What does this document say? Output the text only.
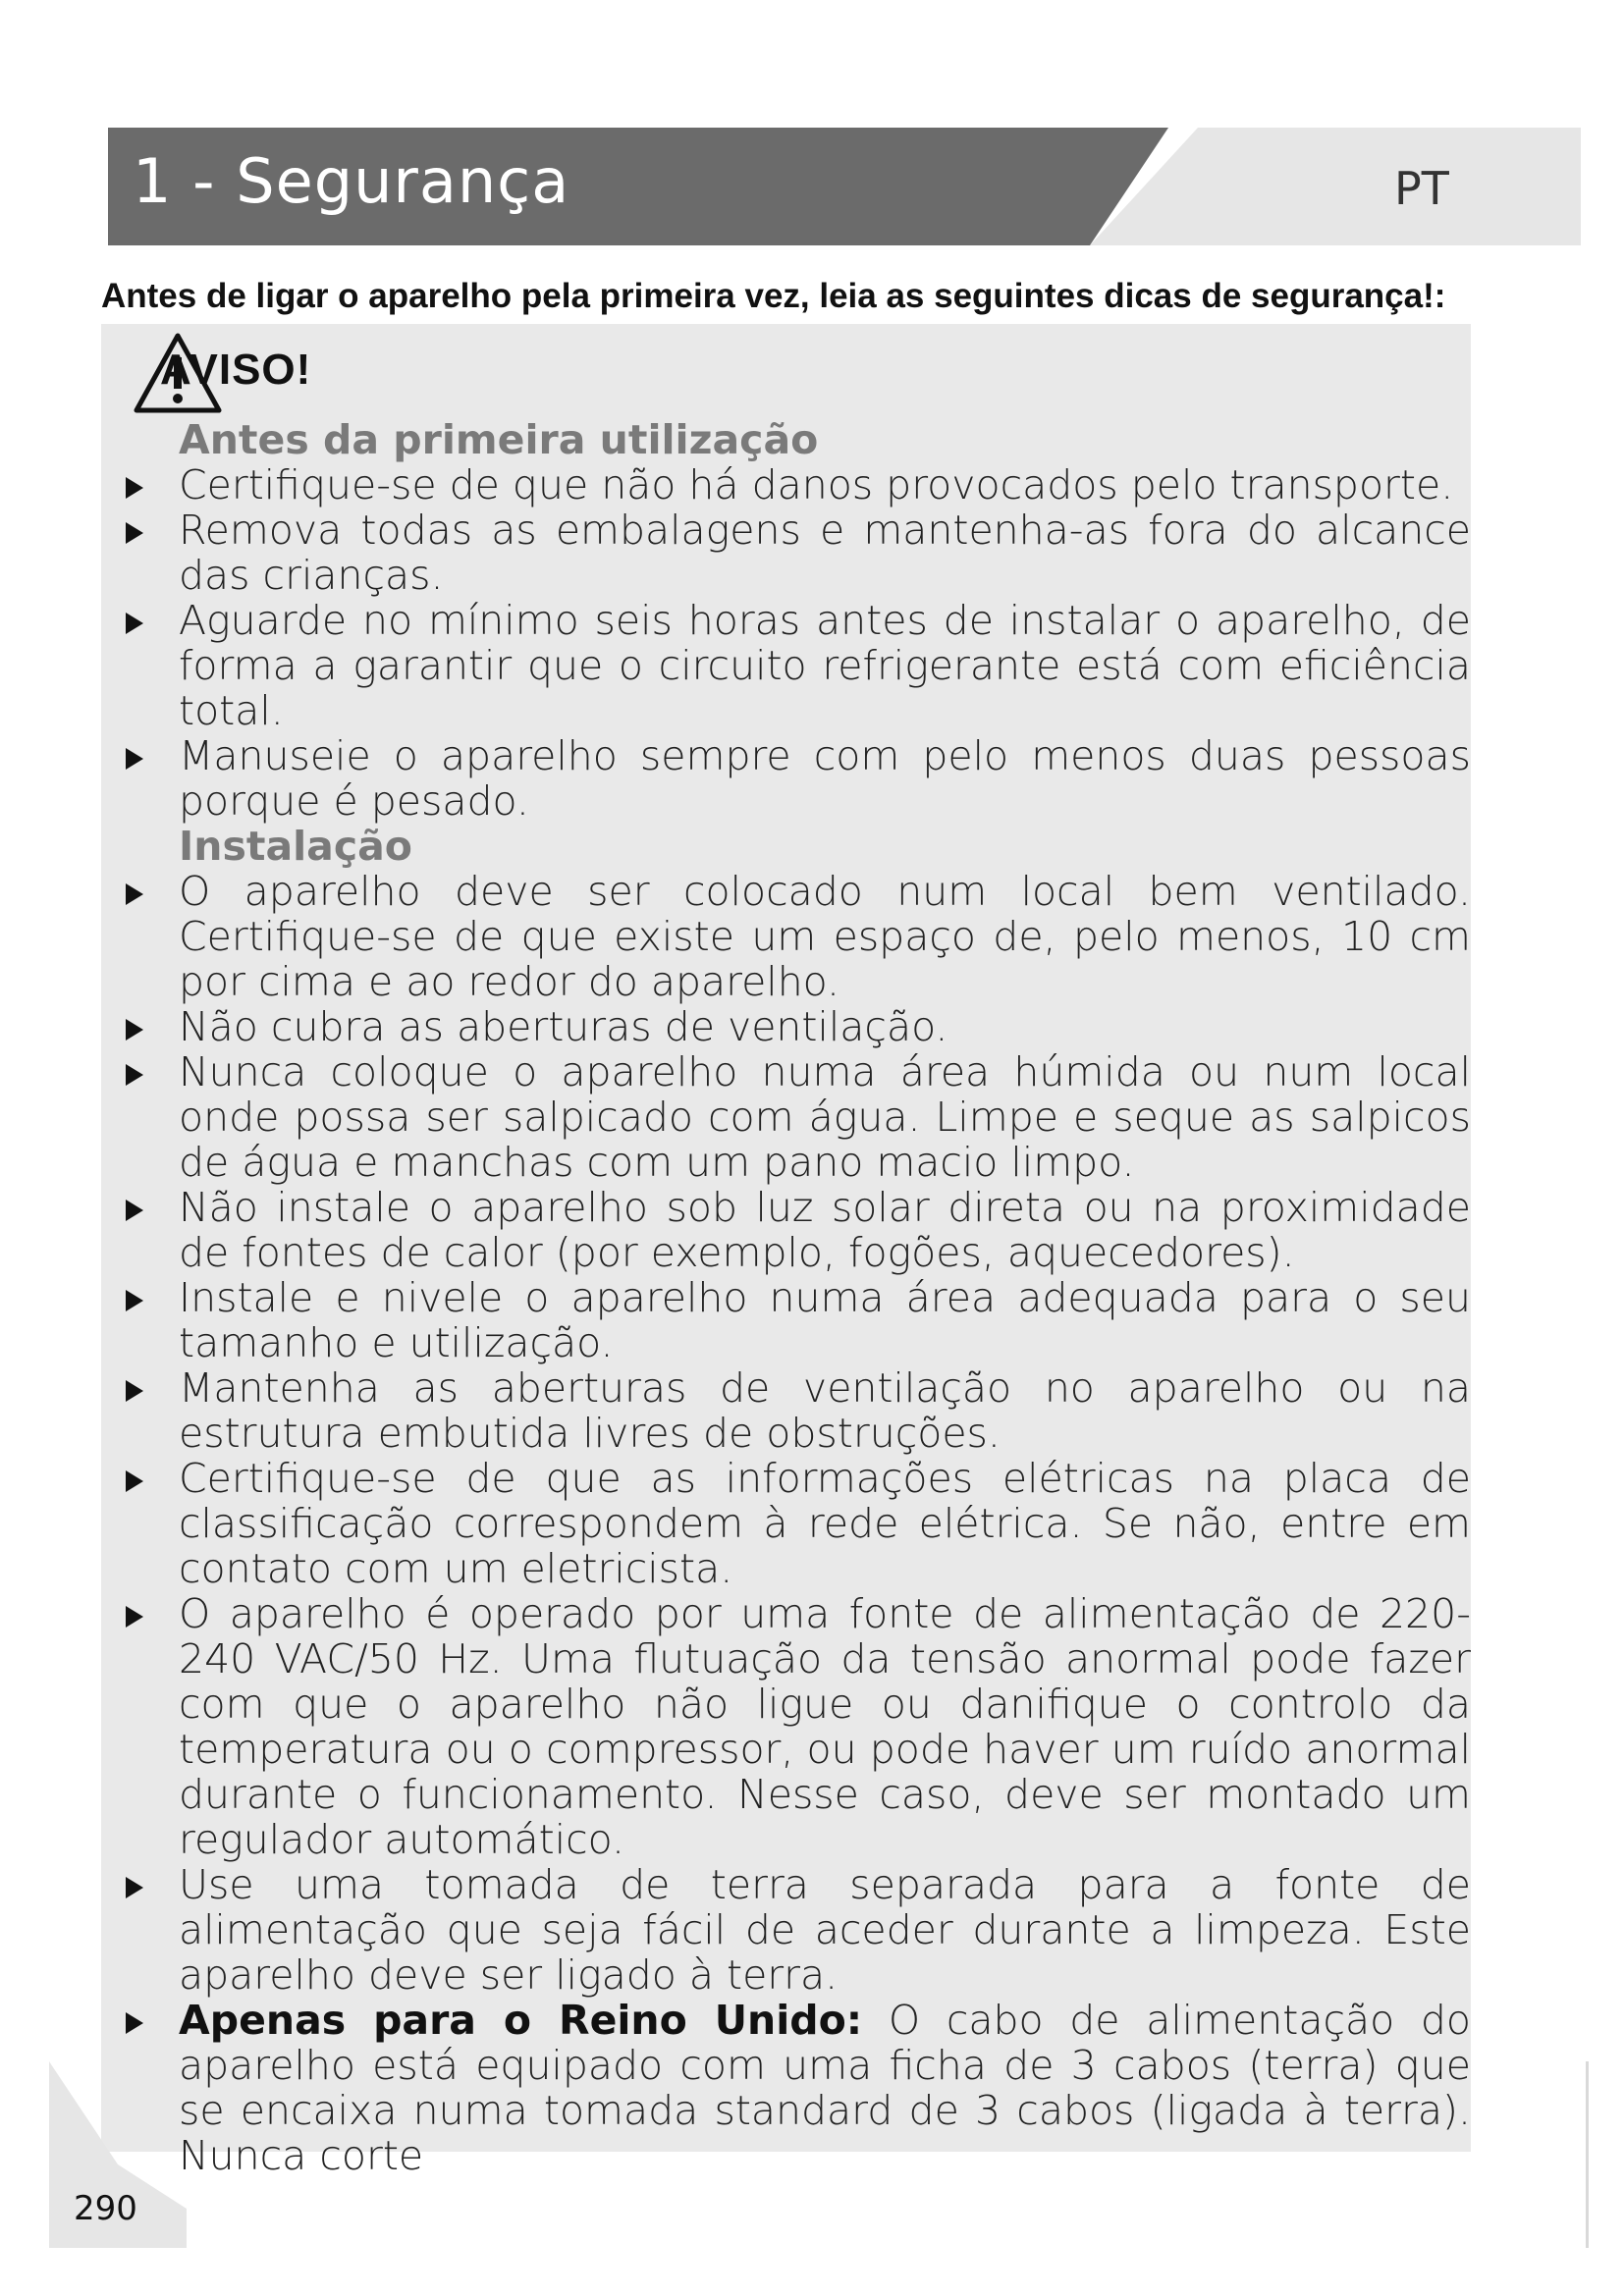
1 - Segurança	PT

Antes de ligar o aparelho pela primeira vez, leia as seguintes dicas de segurança!:

AVISO!

Antes da primeira utilização

Certifique-se de que não há danos provocados pelo transporte.
Remova todas as embalagens e mantenha-as fora do alcance das crianças.
Aguarde no mínimo seis horas antes de instalar o aparelho, de forma a garantir que o circuito refrigerante está com eficiência total.
Manuseie o aparelho sempre com pelo menos duas pessoas porque é pesado.

Instalação

O aparelho deve ser colocado num local bem ventilado. Certifique-se de que existe um espaço de, pelo menos, 10 cm por cima e ao redor do aparelho.
Não cubra as aberturas de ventilação.
Nunca coloque o aparelho numa área húmida ou num local onde possa ser salpicado com água. Limpe e seque as salpicos de água e manchas com um pano macio limpo.
Não instale o aparelho sob luz solar direta ou na proximidade de fontes de calor (por exemplo, fogões, aquecedores).
Instale e nivele o aparelho numa área adequada para o seu tamanho e utilização.
Mantenha as aberturas de ventilação no aparelho ou na estrutura embutida livres de obstruções.
Certifique-se de que as informações elétricas na placa de classificação correspondem à rede elétrica. Se não, entre em contato com um eletricista.
O aparelho é operado por uma fonte de alimentação de 220-240 VAC/50 Hz. Uma flutuação da tensão anormal pode fazer com que o aparelho não ligue ou danifique o controlo da temperatura ou o compressor, ou pode haver um ruído anormal durante o funcionamento. Nesse caso, deve ser montado um regulador automático.
Use uma tomada de terra separada para a fonte de alimentação que seja fácil de aceder durante a limpeza. Este aparelho deve ser ligado à terra.
Apenas para o Reino Unido: O cabo de alimentação do aparelho está equipado com uma ficha de 3 cabos (terra) que se encaixa numa tomada standard de 3 cabos (ligada à terra). Nunca corte
290
